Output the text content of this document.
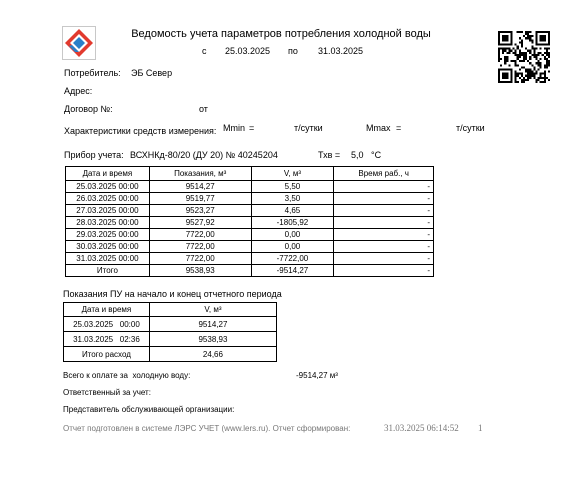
Ведомость учета параметров потребления холодной воды
с 25.03.2025 по 31.03.2025
Потребитель: ЭБ Север
Адрес:
Договор №:	от
Характеристики средств измерения: Mmin =	т/сутки	Mmax =	т/сутки
Прибор учета: ВСХНКд-80/20 (ДУ 20) № 40245204	Тхв = 5,0 °С
Дата и время	Показания, м³	V, м³	Время раб., ч
25.03.2025 00:00	9514,27	5,50	-
26.03.2025 00:00	9519,77	3,50	-
27.03.2025 00:00	9523,27	4,65	-
28.03.2025 00:00	9527,92	-1805,92	-
29.03.2025 00:00	7722,00	0,00	-
30.03.2025 00:00	7722,00	0,00	-
31.03.2025 00:00	7722,00	-7722,00	-
Итого	9538,93	-9514,27	-
Показания ПУ на начало и конец отчетного периода
Дата и время	V, м³
25.03.2025   00:00	9514,27
31.03.2025   02:36	9538,93
Итого расход	24,66
Всего к оплате за  холодную воду:	-9514,27 м³
Ответственный за учет:
Представитель обслуживающей организации:
Отчет подготовлен в системе ЛЭРС УЧЕТ (www.lers.ru). Отчет сформирован:	31.03.2025 06:14:52 1
